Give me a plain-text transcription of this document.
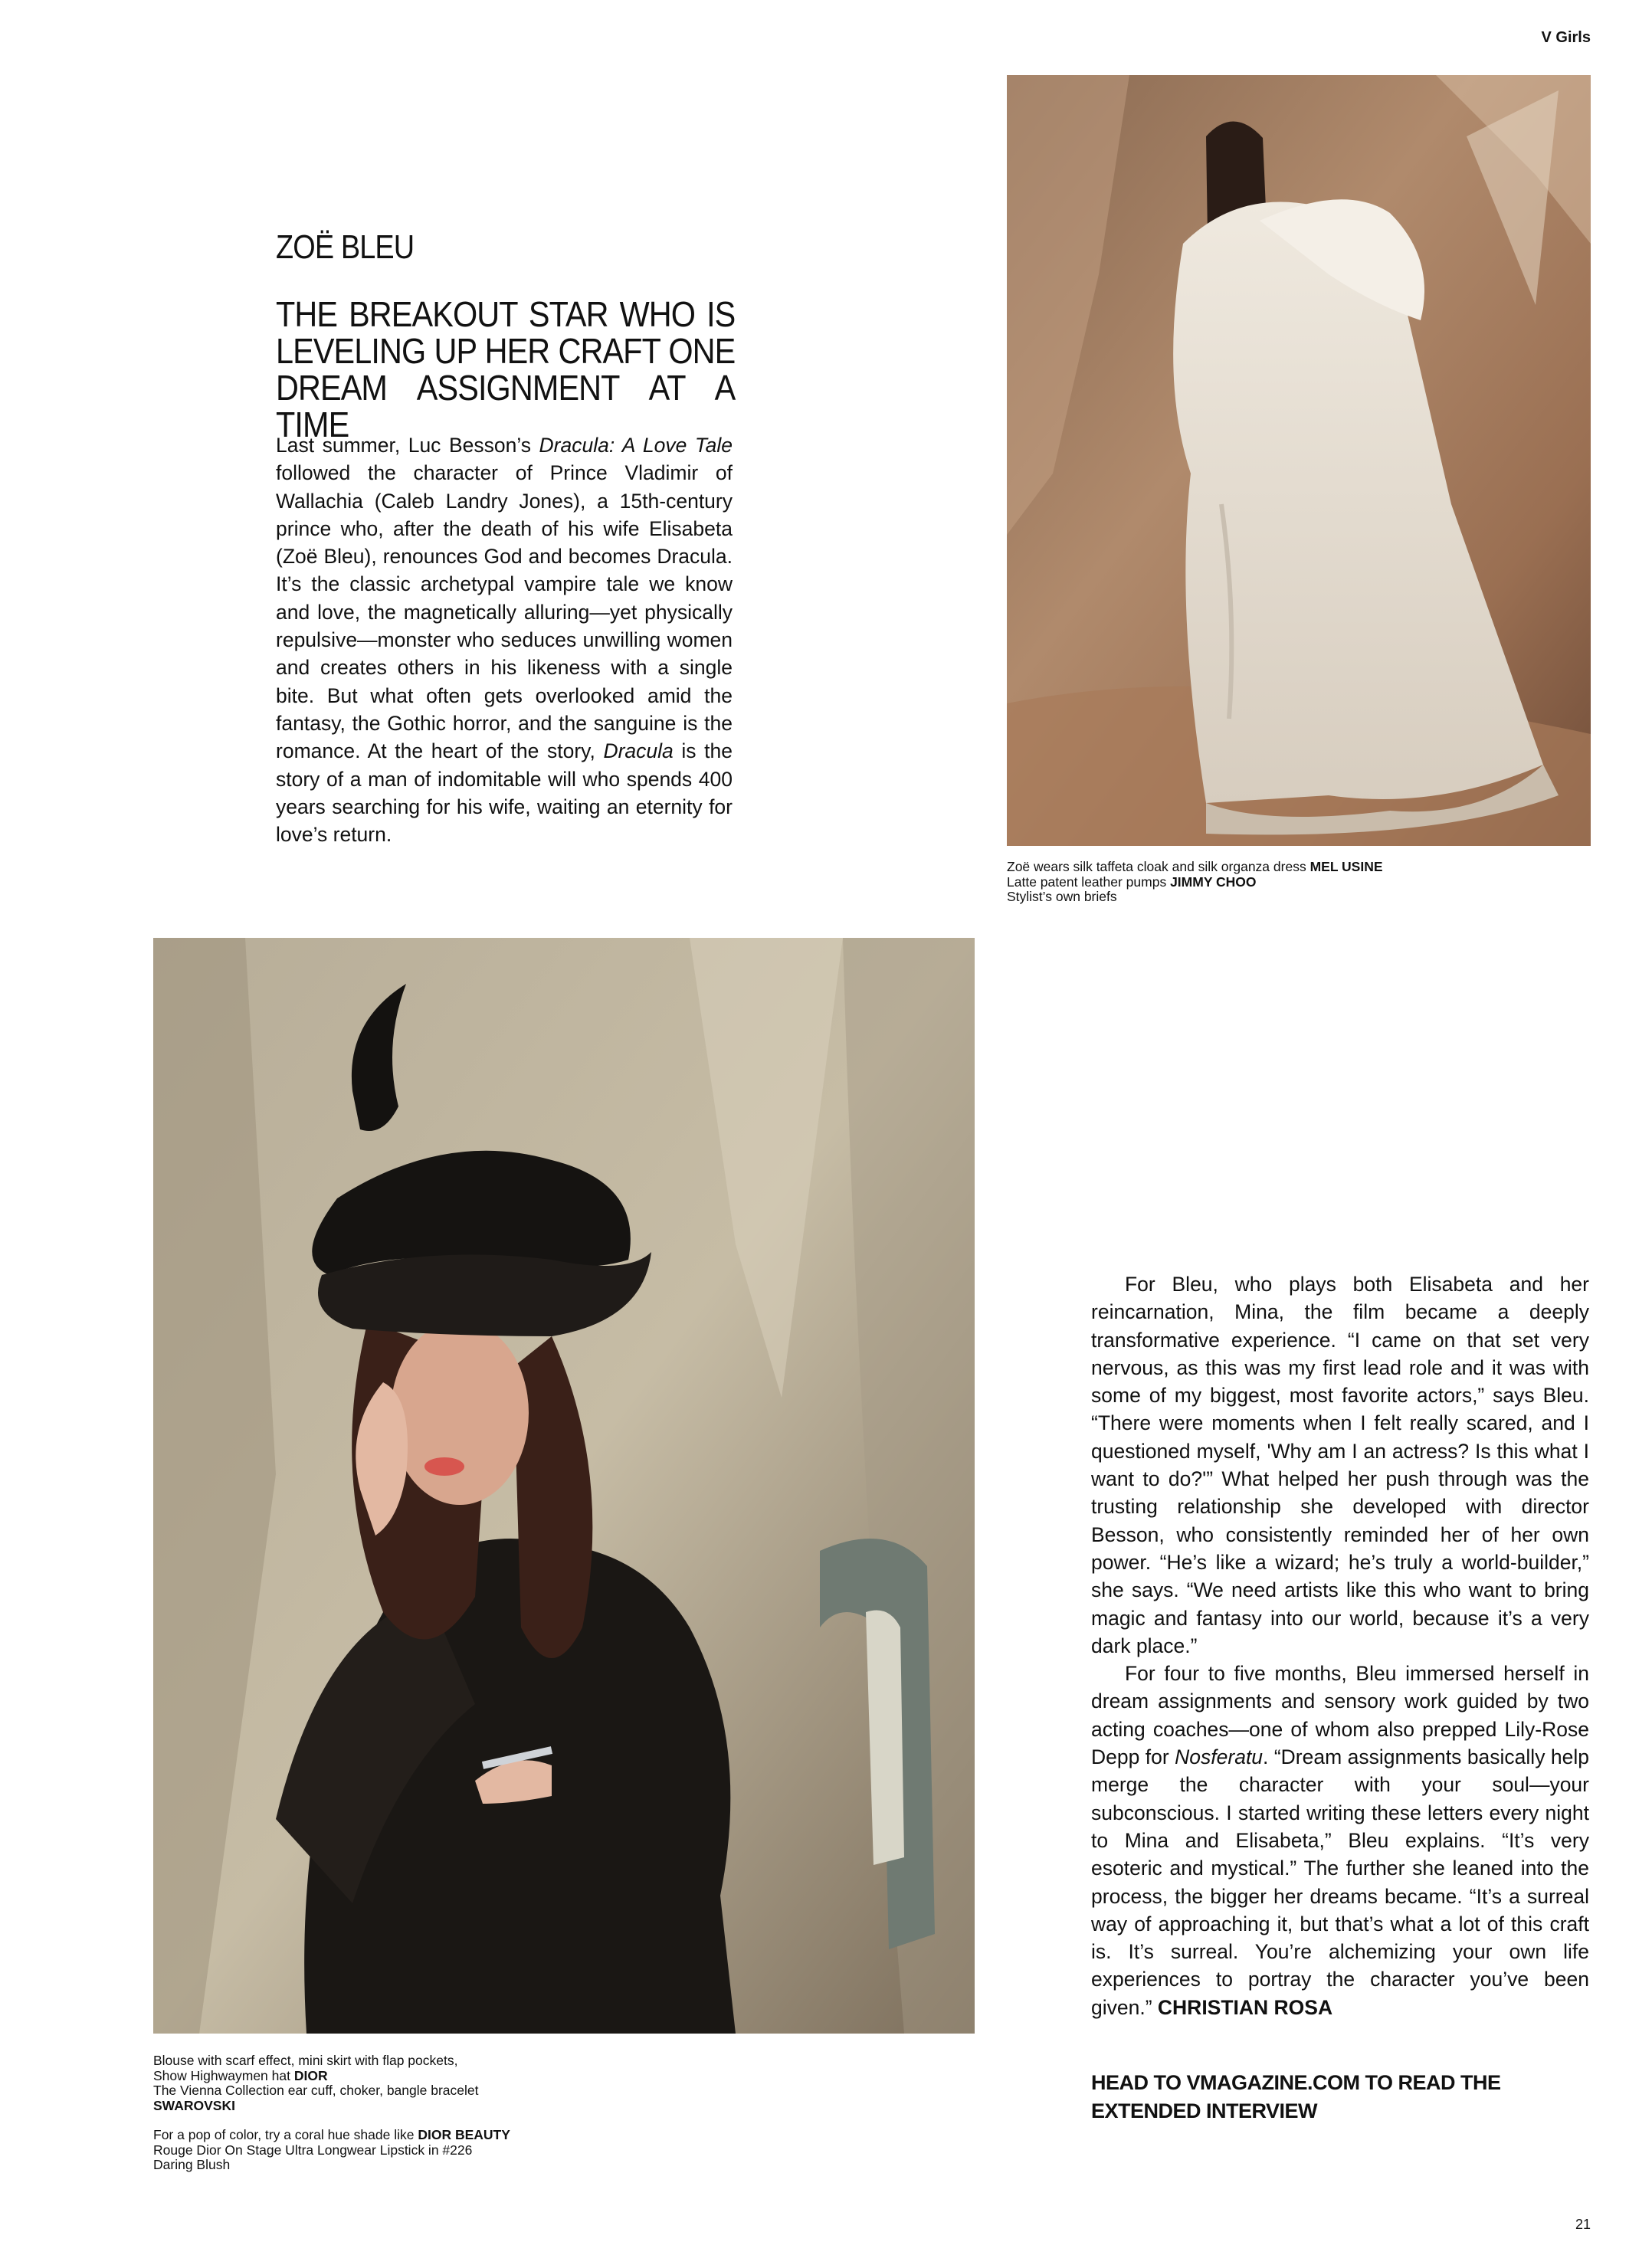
V Girls
Zoë wears silk taffeta cloak and silk organza dress MEL USINE
Latte patent leather pumps JIMMY CHOO
Stylist’s own briefs
ZOË BLEU
THE BREAKOUT STAR WHO IS LEVELING UP HER CRAFT ONE DREAM ASSIGNMENT AT A TIME

Last summer, Luc Besson’s Dracula: A Love Tale followed the character of Prince Vladimir of Wallachia (Caleb Landry Jones), a 15th-century prince who, after the death of his wife Elisabeta (Zoë Bleu), renounces God and becomes Dracula. It’s the classic archetypal vampire tale we know and love, the magnetically alluring—yet physically repulsive—monster who seduces unwilling women and creates others in his likeness with a single bite. But what often gets overlooked amid the fantasy, the Gothic horror, and the sanguine is the romance. At the heart of the story, Dracula is the story of a man of indomitable will who spends 400 years searching for his wife, waiting an eternity for love’s return.

Blouse with scarf effect, mini skirt with flap pockets,
Show Highwaymen hat DIOR
The Vienna Collection ear cuff, choker, bangle bracelet
SWAROVSKI
For a pop of color, try a coral hue shade like DIOR BEAUTY
Rouge Dior On Stage Ultra Longwear Lipstick in #226
Daring Blush

For Bleu, who plays both Elisabeta and her reincarnation, Mina, the film became a deeply transformative experience. “I came on that set very nervous, as this was my first lead role and it was with some of my biggest, most favorite actors,” says Bleu. “There were moments when I felt really scared, and I questioned myself, 'Why am I an actress? Is this what I want to do?'” What helped her push through was the trusting relationship she developed with director Besson, who consistently reminded her of her own power. “He’s like a wizard; he’s truly a world-builder,” she says. “We need artists like this who want to bring magic and fantasy into our world, because it’s a very dark place.”

For four to five months, Bleu immersed herself in dream assignments and sensory work guided by two acting coaches—one of whom also prepped Lily-Rose Depp for Nosferatu. “Dream assignments basically help merge the character with your soul—your subconscious. I started writing these letters every night to Mina and Elisabeta,” Bleu explains. “It’s very esoteric and mystical.” The further she leaned into the process, the bigger her dreams became. “It’s a surreal way of approaching it, but that’s what a lot of this craft is. It’s surreal. You’re alchemizing your own life experiences to portray the character you’ve been given.” CHRISTIAN ROSA

HEAD TO VMAGAZINE.COM TO READ THE EXTENDED INTERVIEW
21
